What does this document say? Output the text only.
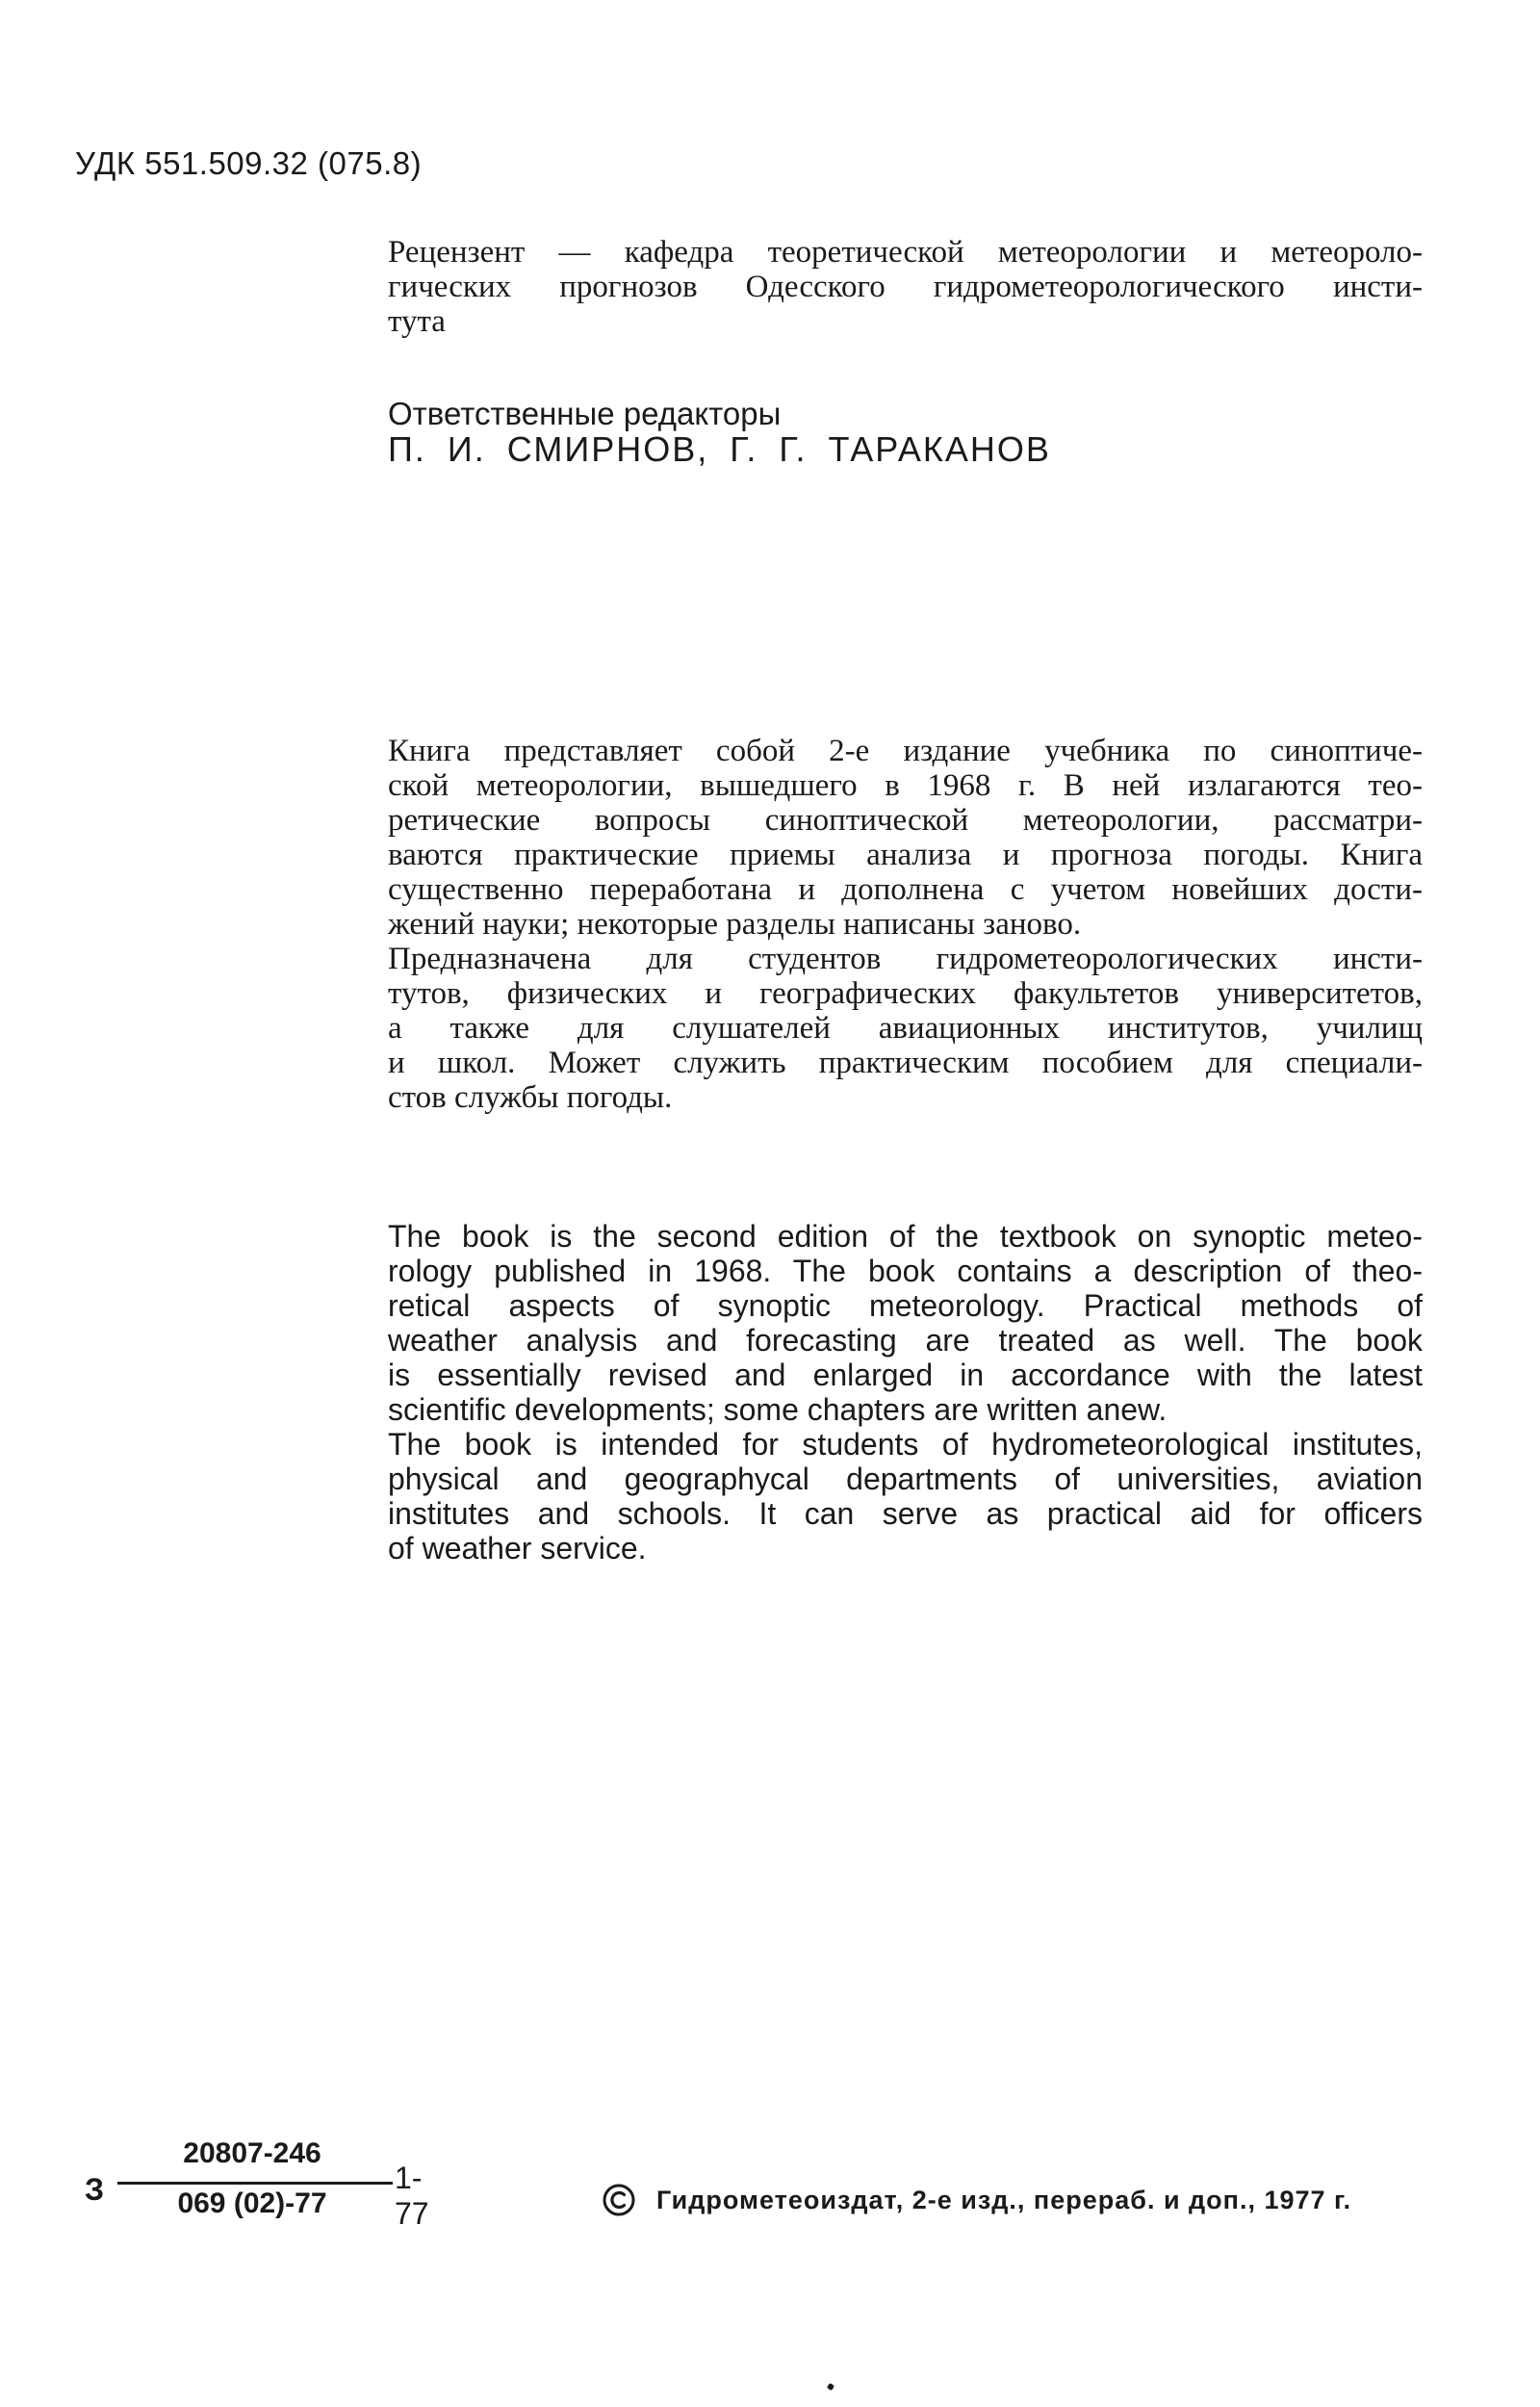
УДК 551.509.32 (075.8)
Рецензент — кафедра теоретической метеорологии и метеороло-
гических прогнозов Одесского гидрометеорологического инсти-
тута
Ответственные редакторы
П. И. СМИРНОВ, Г. Г. ТАРАКАНОВ
Книга представляет собой 2-е издание учебника по синоптиче-
ской метеорологии, вышедшего в 1968 г. В ней излагаются тео-
ретические вопросы синоптической метеорологии, рассматри-
ваются практические приемы анализа и прогноза погоды. Книга
существенно переработана и дополнена с учетом новейших дости-
жений науки; некоторые разделы написаны заново.
Предназначена для студентов гидрометеорологических инсти-
тутов, физических и географических факультетов университетов,
а также для слушателей авиационных институтов, училищ
и школ. Может служить практическим пособием для специали-
стов службы погоды.
The book is the second edition of the textbook on synoptic meteo-
rology published in 1968. The book contains a description of theo-
retical aspects of synoptic meteorology. Practical methods of
weather analysis and forecasting are treated as well. The book
is essentially revised and enlarged in accordance with the latest
scientific developments; some chapters are written anew.
The book is intended for students of hydrometeorological institutes,
physical and geographycal departments of universities, aviation
institutes and schools. It can serve as practical aid for officers
of weather service.
З
20807-246
069 (02)-77
1-77	Гидрометеоиздат, 2-е изд., перераб. и доп., 1977 г.
